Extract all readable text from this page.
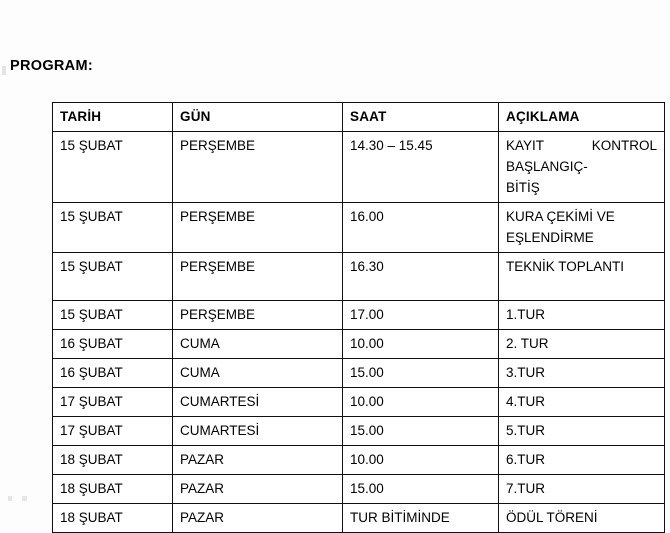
PROGRAM:
TARİH	GÜN	SAAT	AÇIKLAMA
15 ŞUBAT	PERŞEMBE	14.30 – 15.45	KAYIT KONTROL BAŞLANGIÇ-
BİTİŞ

15 ŞUBAT	PERŞEMBE	16.00	KURA ÇEKİMİ VE EŞLENDİRME
15 ŞUBAT	PERŞEMBE	16.30	TEKNİK TOPLANTI
15 ŞUBAT	PERŞEMBE	17.00	1.TUR
16 ŞUBAT	CUMA	10.00	2. TUR
16 ŞUBAT	CUMA	15.00	3.TUR
17 ŞUBAT	CUMARTESİ	10.00	4.TUR
17 ŞUBAT	CUMARTESİ	15.00	5.TUR
18 ŞUBAT	PAZAR	10.00	6.TUR
18 ŞUBAT	PAZAR	15.00	7.TUR
18 ŞUBAT	PAZAR	TUR BİTİMİNDE	ÖDÜL TÖRENİ
